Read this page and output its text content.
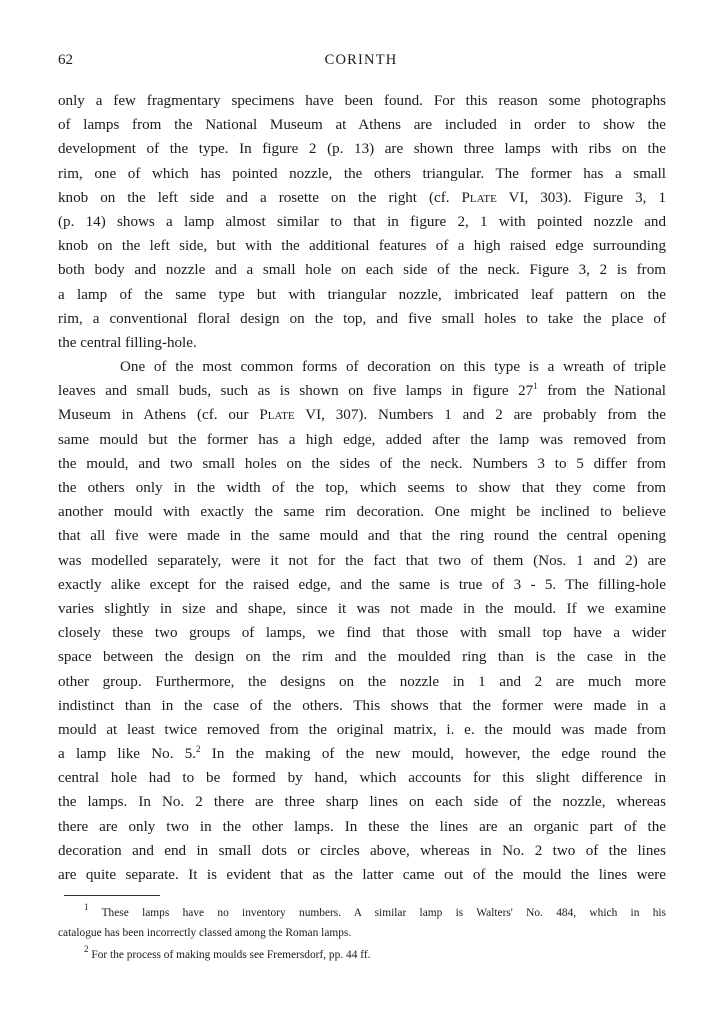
62	CORINTH
only a few fragmentary specimens have been found. For this reason some photographs
of lamps from the National Museum at Athens are included in order to show the
development of the type. In figure 2 (p. 13) are shown three lamps with ribs on the
rim, one of which has pointed nozzle, the others triangular. The former has a small
knob on the left side and a rosette on the right (cf. Plate VI, 303). Figure 3, 1
(p. 14) shows a lamp almost similar to that in figure 2, 1 with pointed nozzle and
knob on the left side, but with the additional features of a high raised edge surrounding
both body and nozzle and a small hole on each side of the neck. Figure 3, 2 is from
a lamp of the same type but with triangular nozzle, imbricated leaf pattern on the
rim, a conventional floral design on the top, and five small holes to take the place of
the central filling-hole.
One of the most common forms of decoration on this type is a wreath of triple
leaves and small buds, such as is shown on five lamps in figure $27^1$ from the National
Museum in Athens (cf. our Plate VI, 307). Numbers 1 and 2 are probably from the
same mould but the former has a high edge, added after the lamp was removed from
the mould, and two small holes on the sides of the neck. Numbers 3 to 5 differ from
the others only in the width of the top, which seems to show that they come from
another mould with exactly the same rim decoration. One might be inclined to believe
that all five were made in the same mould and that the ring round the central opening
was modelled separately, were it not for the fact that two of them (Nos. 1 and 2) are
exactly alike except for the raised edge, and the same is true of 3 - 5. The filling-hole
varies slightly in size and shape, since it was not made in the mould. If we examine
closely these two groups of lamps, we find that those with small top have a wider
space between the design on the rim and the moulded ring than is the case in the
other group. Furthermore, the designs on the nozzle in 1 and 2 are much more
indistinct than in the case of the others. This shows that the former were made in a
mould at least twice removed from the original matrix, i. e. the mould was made from
a lamp like No. 5.$^2$ In the making of the new mould, however, the edge round the
central hole had to be formed by hand, which accounts for this slight difference in
the lamps. In No. 2 there are three sharp lines on each side of the nozzle, whereas
there are only two in the other lamps. In these the lines are an organic part of the
decoration and end in small dots or circles above, whereas in No. 2 two of the lines
are quite separate. It is evident that as the latter came out of the mould the lines were
$^1$ These lamps have no inventory numbers. A similar lamp is Walters' No. 484, which in his
catalogue has been incorrectly classed among the Roman lamps.
$^2$ For the process of making moulds see Fremersdorf, pp. 44 ff.
